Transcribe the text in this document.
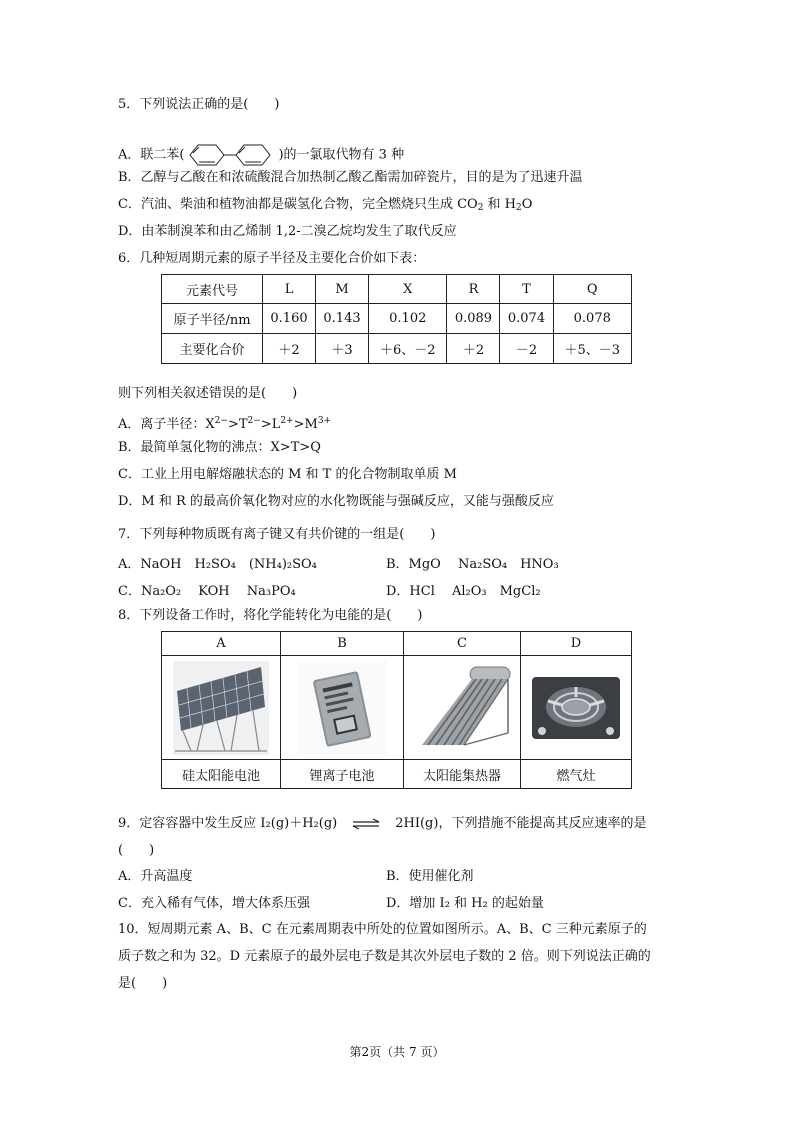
5．下列说法正确的是(　　)
A．联二苯(	)的一氯取代物有 3 种
B．乙醇与乙酸在和浓硫酸混合加热制乙酸乙酯需加碎瓷片，目的是为了迅速升温
C．汽油、柴油和植物油都是碳氢化合物，完全燃烧只生成 $CO_2$ 和 $H_2O$
D．由苯制溴苯和由乙烯制 1,2-二溴乙烷均发生了取代反应
6．几种短周期元素的原子半径及主要化合价如下表：
元素代号	L	M	X	R	T	Q
原子半径/nm	0.160	0.143	0.102	0.089	0.074	0.078
主要化合价	＋2	＋3	＋6、－2	＋2	－2	＋5、－3
则下列相关叙述错误的是(　　)
A．离子半径：$X^{2-}>T^{2-}>L^{2+}>M^{3+}$
B．最简单氢化物的沸点：X>T>Q
C．工业上用电解熔融状态的 M 和 T 的化合物制取单质 M
D．M 和 R 的最高价氧化物对应的水化物既能与强碱反应，又能与强酸反应
7．下列每种物质既有离子键又有共价键的一组是(　　)
A．NaOH　H₂SO₄　(NH₄)₂SO₄	B．MgO　 Na₂SO₄　HNO₃
C．Na₂O₂　 KOH　 Na₃PO₄	D．HCl　 Al₂O₃　MgCl₂
8．下列设备工作时，将化学能转化为电能的是(　　)
A	B	C	D

硅太阳能电池	锂离子电池	太阳能集热器	燃气灶
9．定容容器中发生反应 I₂(g)＋H₂(g) ⇌ 2HI(g)，下列措施不能提高其反应速率的是
(　　)
A．升高温度	B．使用催化剂
C．充入稀有气体，增大体系压强	D．增加 I₂ 和 H₂ 的起始量
10．短周期元素 A、B、C 在元素周期表中所处的位置如图所示。A、B、C 三种元素原子的
质子数之和为 32。D 元素原子的最外层电子数是其次外层电子数的 2 倍。则下列说法正确的
是(　　)
第2页（共 7 页）
